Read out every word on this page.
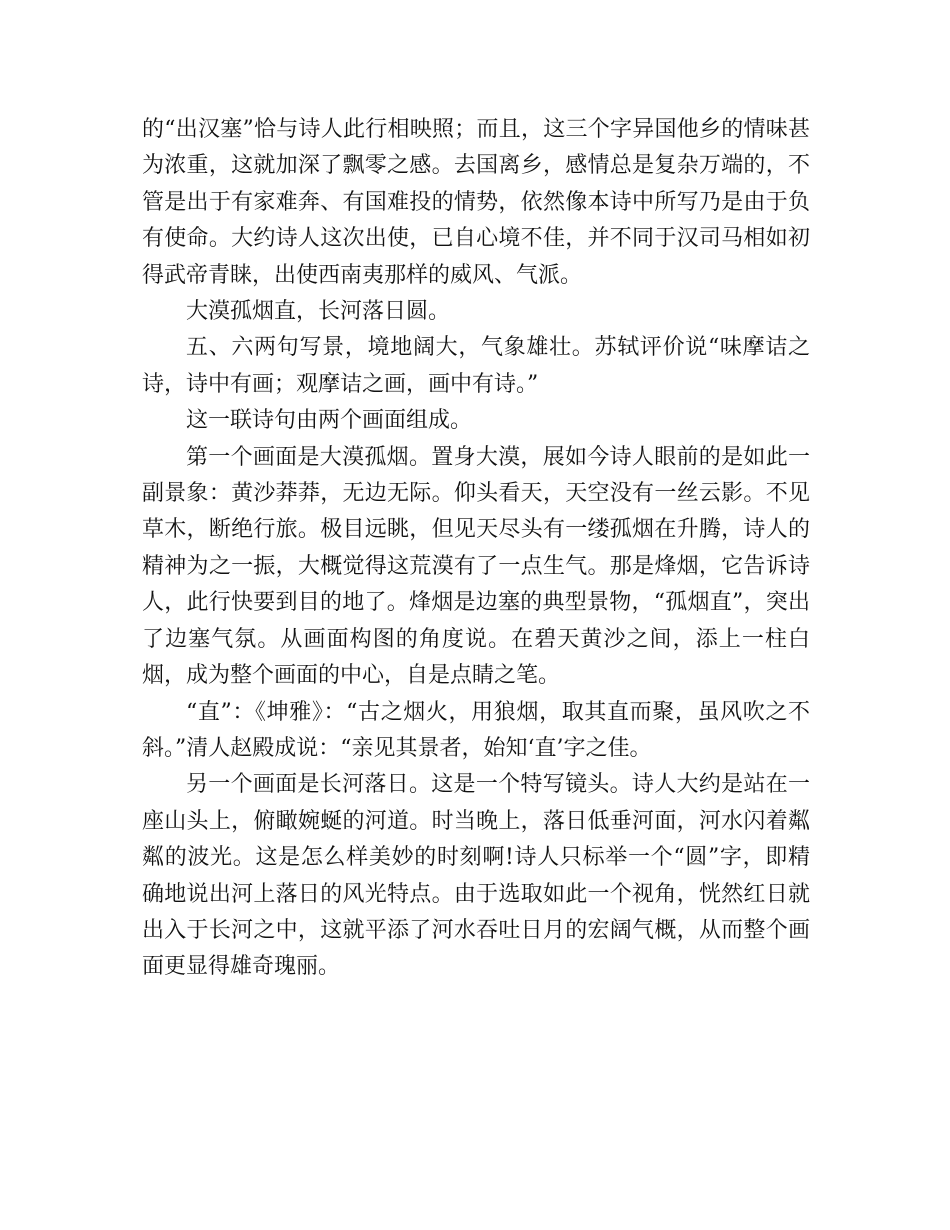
的“出汉塞”恰与诗人此行相映照；而且，这三个字异国他乡的情味甚为浓重，这就加深了飘零之感。去国离乡，感情总是复杂万端的，不管是出于有家难奔、有国难投的情势，依然像本诗中所写乃是由于负有使命。大约诗人这次出使，已自心境不佳，并不同于汉司马相如初得武帝青睐，出使西南夷那样的威风、气派。

大漠孤烟直，长河落日圆。

五、六两句写景，境地阔大，气象雄壮。苏轼评价说“味摩诘之诗，诗中有画；观摩诘之画，画中有诗。”

这一联诗句由两个画面组成。

第一个画面是大漠孤烟。置身大漠，展如今诗人眼前的是如此一副景象：黄沙莽莽，无边无际。仰头看天，天空没有一丝云影。不见草木，断绝行旅。极目远眺，但见天尽头有一缕孤烟在升腾，诗人的精神为之一振，大概觉得这荒漠有了一点生气。那是烽烟，它告诉诗人，此行快要到目的地了。烽烟是边塞的典型景物，“孤烟直”，突出了边塞气氛。从画面构图的角度说。在碧天黄沙之间，添上一柱白烟，成为整个画面的中心，自是点睛之笔。

“直”：《坤雅》：“古之烟火，用狼烟，取其直而聚，虽风吹之不斜。”清人赵殿成说：“亲见其景者，始知‘直’字之佳。

另一个画面是长河落日。这是一个特写镜头。诗人大约是站在一座山头上，俯瞰婉蜒的河道。时当晚上，落日低垂河面，河水闪着粼粼的波光。这是怎么样美妙的时刻啊!诗人只标举一个“圆”字，即精确地说出河上落日的风光特点。由于选取如此一个视角，恍然红日就出入于长河之中，这就平添了河水吞吐日月的宏阔气概，从而整个画面更显得雄奇瑰丽。
